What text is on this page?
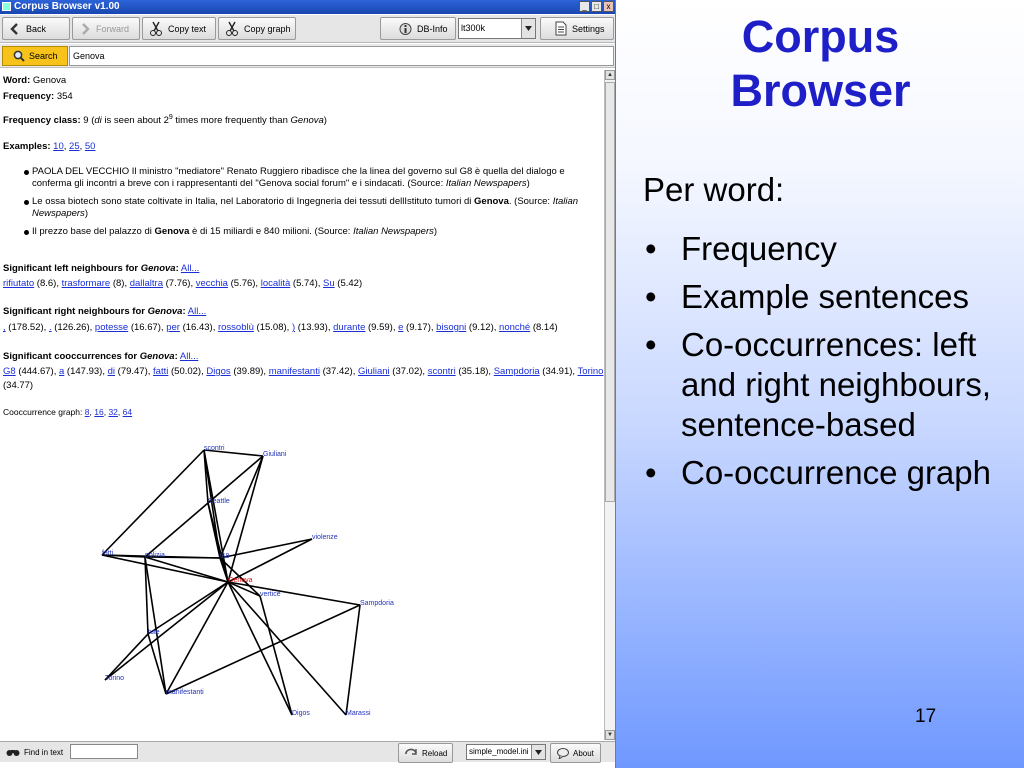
Corpus Browser v1.00	_ □ x
Back	Forward	Copy text	Copy graph	DB-Info	Settings
lt300k
Search	Genova
Word: Genova
Frequency: 354
Frequency class: 9 (di is seen about $2^9$ times more frequently than Genova)
Examples: 10, 25, 50
PAOLA DEL VECCHIO Il ministro "mediatore" Renato Ruggiero ribadisce che la linea del governo sul G8 è quella del dialogo e conferma gli incontri a breve con i rappresentanti del "Genova social forum" e i sindacati. (Source: Italian Newspapers)
Le ossa biotech sono state coltivate in Italia, nel Laboratorio di Ingegneria dei tessuti dellIstituto tumori di Genova. (Source: Italian Newspapers)
Il prezzo base del palazzo di Genova è di 15 miliardi e 840 milioni. (Source: Italian Newspapers)
Significant left neighbours for Genova: All...
rifiutato (8.6), trasformare (8), dallaltra (7.76), vecchia (5.76), località (5.74), Su (5.42)
Significant right neighbours for Genova: All...
, (178.52), . (126.26), potesse (16.67), per (16.43), rossoblù (15.08), ) (13.93), durante (9.59), e (9.17), bisogni (9.12), nonché (8.14)
Significant cooccurrences for Genova: All...
G8 (444.67), a (147.93), di (79.47), fatti (50.02), Digos (39.89), manifestanti (37.42), Giuliani (37.02), scontri (35.18), Sampdoria (34.91), Torino
(34.77)
Cooccurrence graph: 8, 16, 32, 64
scontri
Giuliani
Seattle
violenze
fatti	polizia	G8
Genova
vertice
Sampdoria
tute
Torino
manifestanti
Digos	Marassi
▲
▼
Find in text	Reload	simple_model.ini	About
Corpus
Browser
Per word:
• Frequency
• Example sentences
• Co-occurrences: left and right neighbours, sentence-based
• Co-occurrence graph
17
